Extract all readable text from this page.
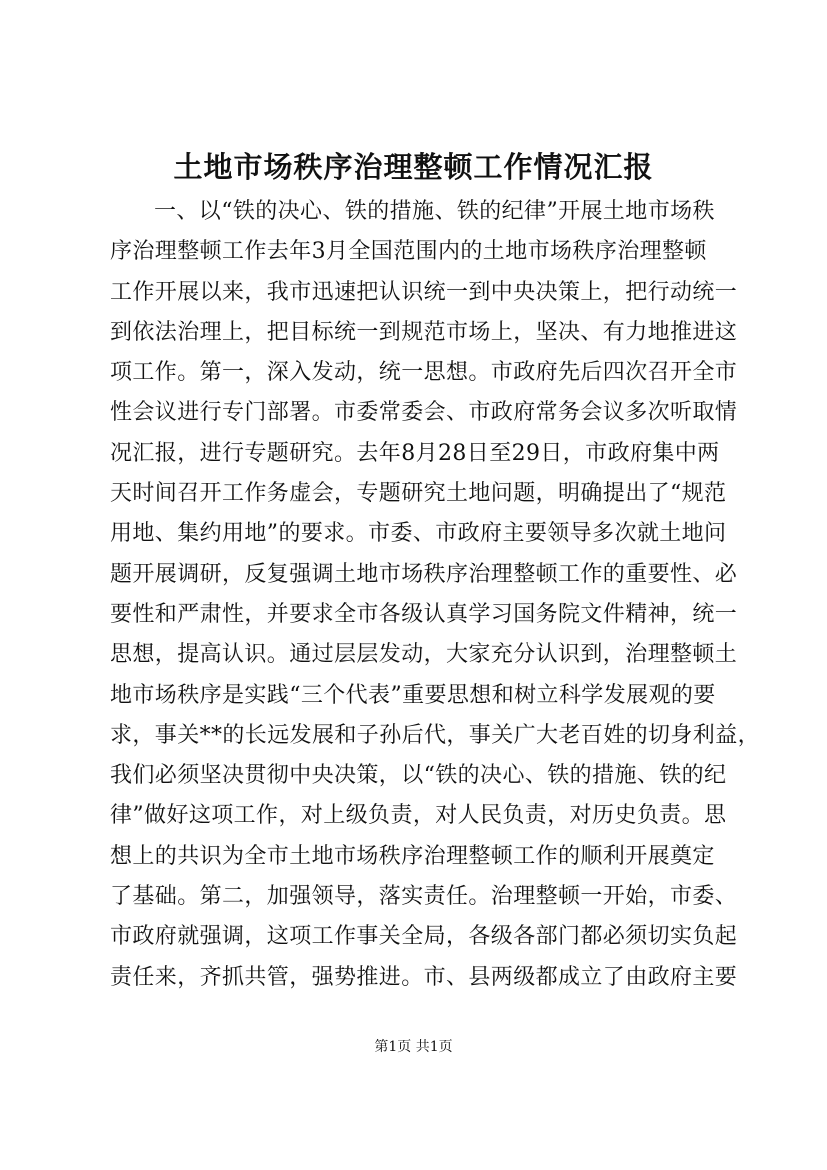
土地市场秩序治理整顿工作情况汇报
一、以“铁的决心、铁的措施、铁的纪律”开展土地市场秩
序治理整顿工作去年3月全国范围内的土地市场秩序治理整顿
工作开展以来，我市迅速把认识统一到中央决策上，把行动统一
到依法治理上，把目标统一到规范市场上，坚决、有力地推进这
项工作。第一，深入发动，统一思想。市政府先后四次召开全市
性会议进行专门部署。市委常委会、市政府常务会议多次听取情
况汇报，进行专题研究。去年8月28日至29日，市政府集中两
天时间召开工作务虚会，专题研究土地问题，明确提出了“规范
用地、集约用地”的要求。市委、市政府主要领导多次就土地问
题开展调研，反复强调土地市场秩序治理整顿工作的重要性、必
要性和严肃性，并要求全市各级认真学习国务院文件精神，统一
思想，提高认识。通过层层发动，大家充分认识到，治理整顿土
地市场秩序是实践“三个代表”重要思想和树立科学发展观的要
求，事关**的长远发展和子孙后代，事关广大老百姓的切身利益，
我们必须坚决贯彻中央决策，以“铁的决心、铁的措施、铁的纪
律”做好这项工作，对上级负责，对人民负责，对历史负责。思
想上的共识为全市土地市场秩序治理整顿工作的顺利开展奠定
了基础。第二，加强领导，落实责任。治理整顿一开始，市委、
市政府就强调，这项工作事关全局，各级各部门都必须切实负起
责任来，齐抓共管，强势推进。市、县两级都成立了由政府主要
第1页 共1页
